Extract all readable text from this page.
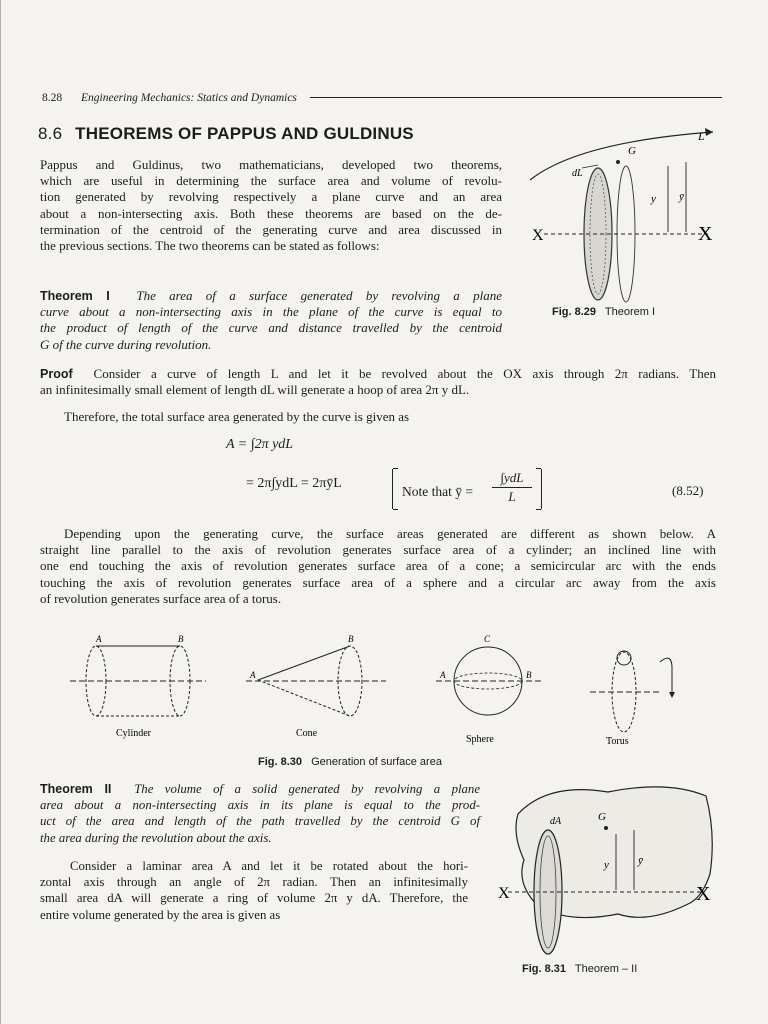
8.28 Engineering Mechanics: Statics and Dynamics
8.6 THEOREMS OF PAPPUS AND GULDINUS
Pappus and Guldinus, two mathematicians, developed two theorems,
which are useful in determining the surface area and volume of revolu-
tion generated by revolving respectively a plane curve and an area
about a non-intersecting axis. Both these theorems are based on the de-
termination of the centroid of the generating curve and area discussed in
the previous sections. The two theorems can be stated as follows:
Theorem I The area of a surface generated by revolving a plane
curve about a non-intersecting axis in the plane of the curve is equal to
the product of length of the curve and distance travelled by the centroid
G of the curve during revolution.
L
G
dL
X	X
y ȳ
Fig. 8.29 Theorem I
Proof Consider a curve of length L and let it be revolved about the OX axis through 2π radians. Then
an infinitesimally small element of length dL will generate a hoop of area 2π y dL.
Therefore, the total surface area generated by the curve is given as
A = ∫2π ydL
= 2π∫ydL = 2πȳL
Note that ȳ =
∫ydL
L	(8.52)
Depending upon the generating curve, the surface areas generated are different as shown below. A
straight line parallel to the axis of revolution generates surface area of a cylinder; an inclined line with
one end touching the axis of revolution generates surface area of a cone; a semicircular arc with the ends
touching the axis of revolution generates surface area of a sphere and a circular arc away from the axis
of revolution generates surface area of a torus.
A	B
A
B
A	B
C
Cylinder	Cone
Sphere	Torus
Fig. 8.30 Generation of surface area
Theorem II The volume of a solid generated by revolving a plane
area about a non-intersecting axis in its plane is equal to the prod-
uct of the area and length of the path travelled by the centroid G of
the area during the revolution about the axis.
Consider a laminar area A and let it be rotated about the hori-
zontal axis through an angle of 2π radian. Then an infinitesimally
small area dA will generate a ring of volume 2π y dA. Therefore, the
entire volume generated by the area is given as
dA	G
X	X
y	ȳ
Fig. 8.31 Theorem – II
